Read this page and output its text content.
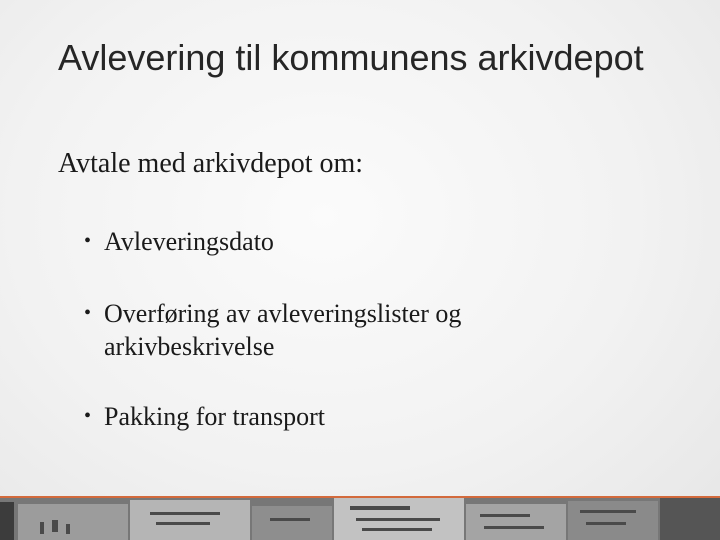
Avlevering til kommunens arkivdepot

Avtale med arkivdepot om:

• Avleveringsdato
• Overføring av avleveringslister og
arkivbeskrivelse
• Pakking for transport
